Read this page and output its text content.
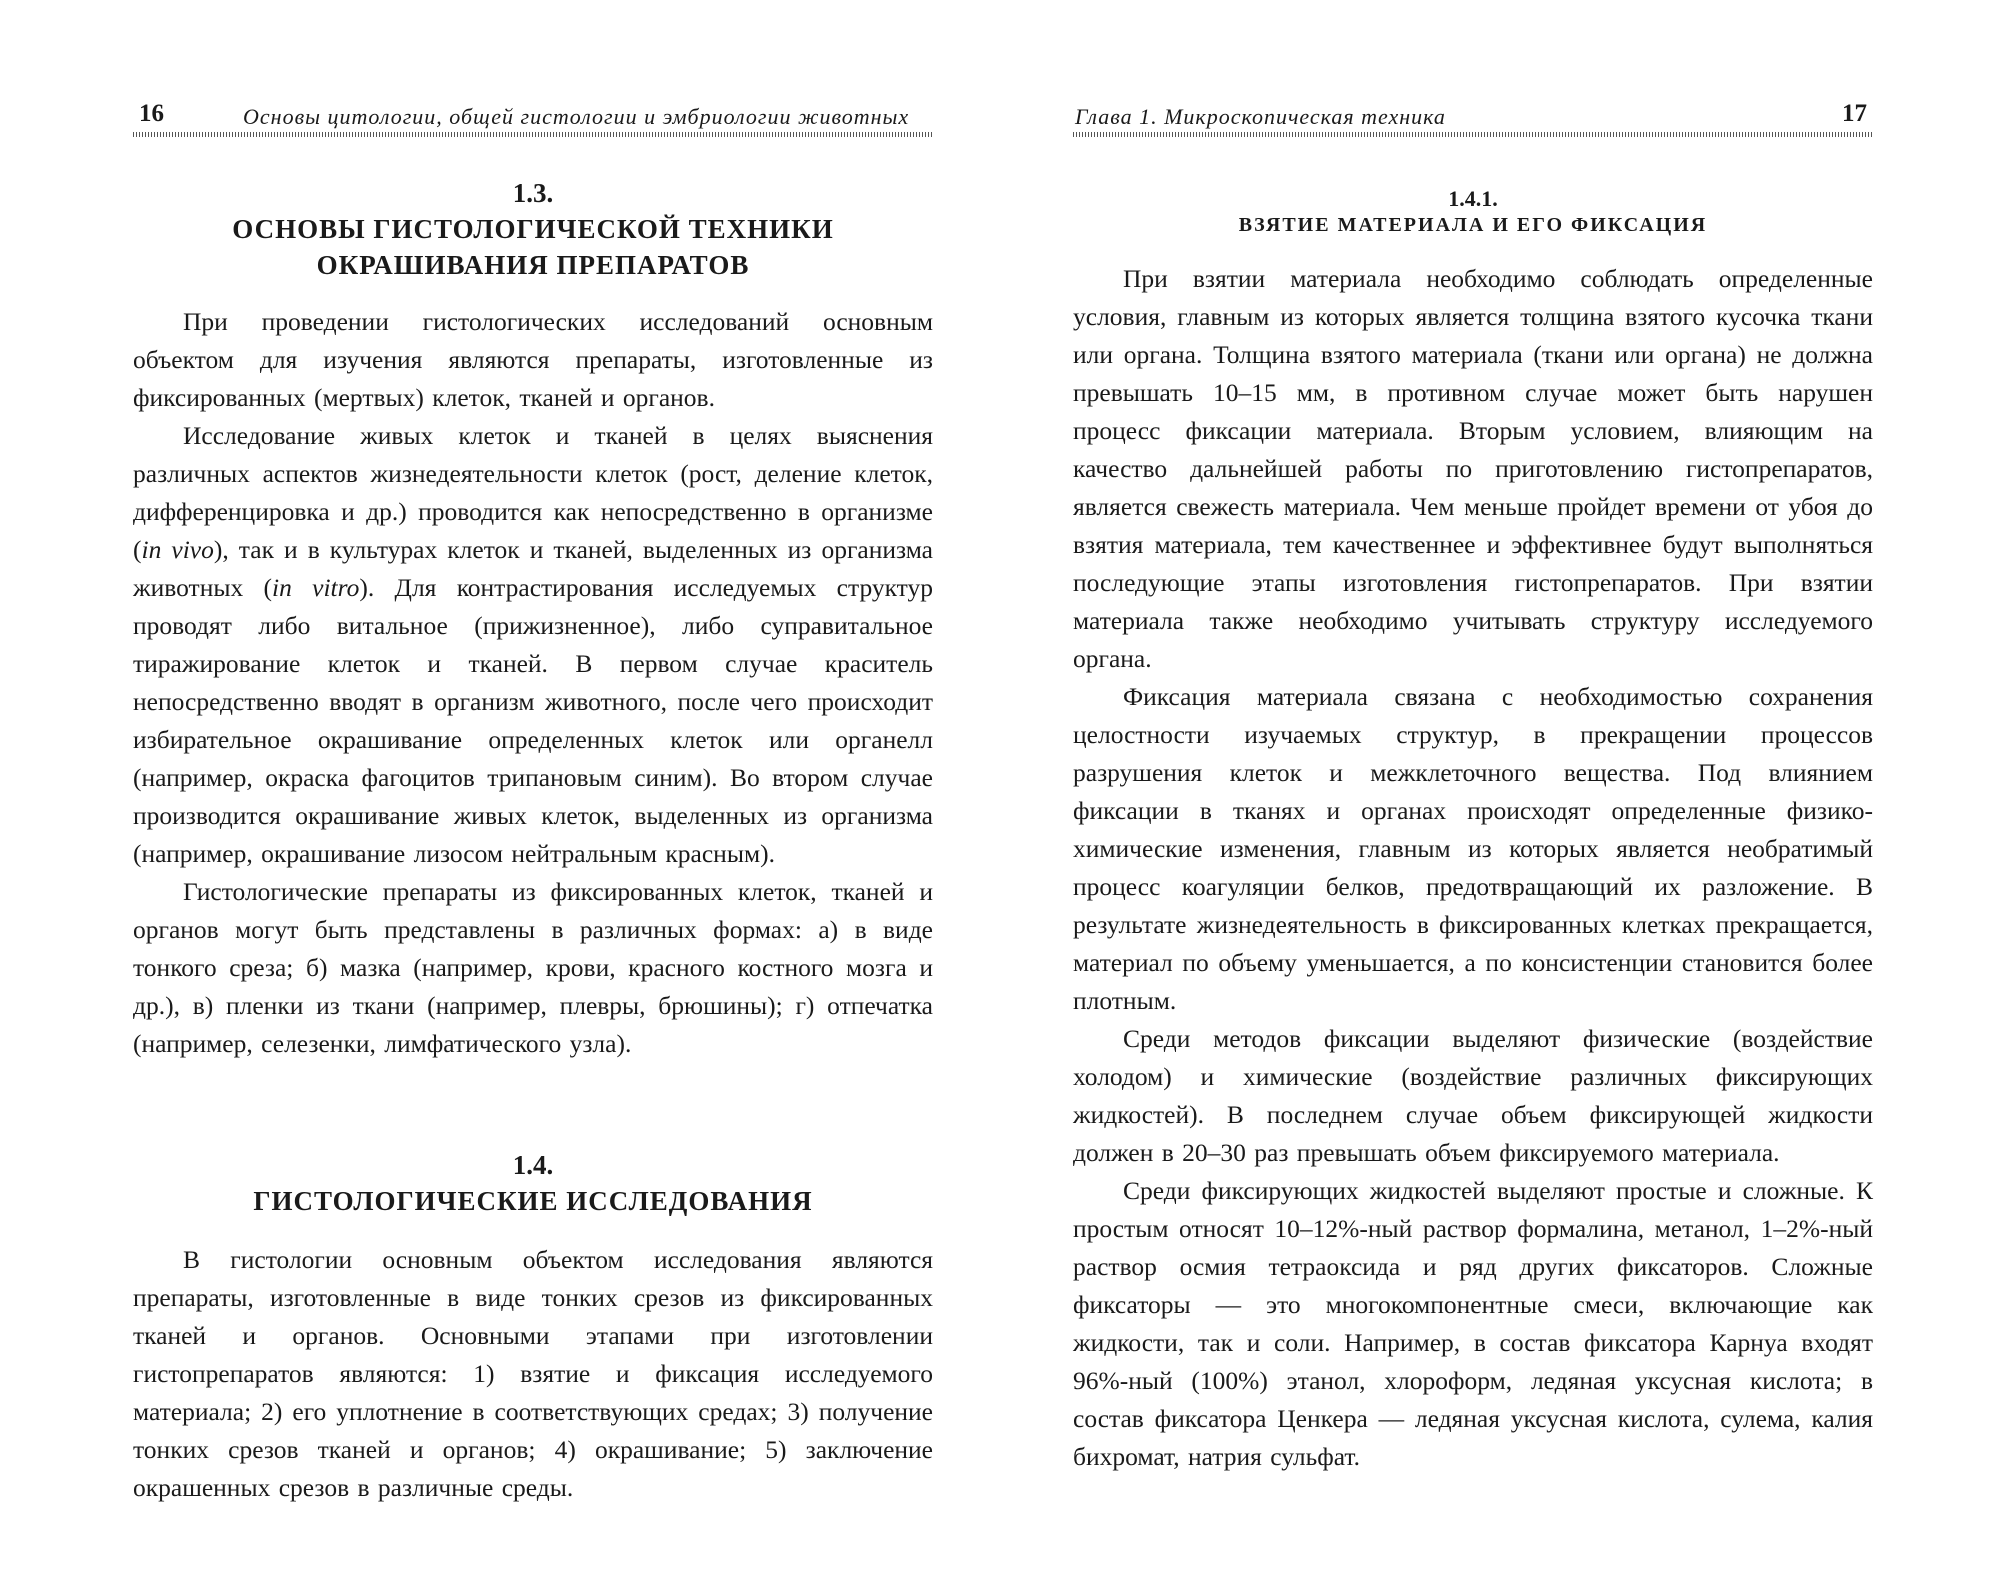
16	Основы цитологии, общей гистологии и эмбриологии животных
1.3.
ОСНОВЫ ГИСТОЛОГИЧЕСКОЙ ТЕХНИКИ
ОКРАШИВАНИЯ ПРЕПАРАТОВ

При проведении гистологических исследований основным объектом для изучения являются препараты, изготовленные из фиксированных (мертвых) клеток, тканей и органов.

Исследование живых клеток и тканей в целях выяснения различных аспектов жизнедеятельности клеток (рост, деление клеток, дифференцировка и др.) проводится как непосредственно в организме (in vivo), так и в культурах клеток и тканей, выделенных из организма животных (in vitro). Для контрастирования исследуемых структур проводят либо витальное (прижизненное), либо суправитальное тиражирование клеток и тканей. В первом случае краситель непосредственно вводят в организм животного, после чего происходит избирательное окрашивание определенных клеток или органелл (например, окраска фагоцитов трипановым синим). Во втором случае производится окрашивание живых клеток, выделенных из организма (например, окрашивание лизосом нейтральным красным).

Гистологические препараты из фиксированных клеток, тканей и органов могут быть представлены в различных формах: а) в виде тонкого среза; б) мазка (например, крови, красного костного мозга и др.), в) пленки из ткани (например, плевры, брюшины); г) отпечатка (например, селезенки, лимфатического узла).

1.4.
ГИСТОЛОГИЧЕСКИЕ ИССЛЕДОВАНИЯ

В гистологии основным объектом исследования являются препараты, изготовленные в виде тонких срезов из фиксированных тканей и органов. Основными этапами при изготовлении гистопрепаратов являются: 1) взятие и фиксация исследуемого материала; 2) его уплотнение в соответствующих средах; 3) получение тонких срезов тканей и органов; 4) окрашивание; 5) заключение окрашенных срезов в различные среды.

Глава 1. Микроскопическая техника	17
1.4.1.
ВЗЯТИЕ МАТЕРИАЛА И ЕГО ФИКСАЦИЯ

При взятии материала необходимо соблюдать определенные условия, главным из которых является толщина взятого кусочка ткани или органа. Толщина взятого материала (ткани или органа) не должна превышать 10–15 мм, в противном случае может быть нарушен процесс фиксации материала. Вторым условием, влияющим на качество дальнейшей работы по приготовлению гистопрепаратов, является свежесть материала. Чем меньше пройдет времени от убоя до взятия материала, тем качественнее и эффективнее будут выполняться последующие этапы изготовления гистопрепаратов. При взятии материала также необходимо учитывать структуру исследуемого органа.

Фиксация материала связана с необходимостью сохранения целостности изучаемых структур, в прекращении процессов разрушения клеток и межклеточного вещества. Под влиянием фиксации в тканях и органах происходят определенные физико-химические изменения, главным из которых является необратимый процесс коагуляции белков, предотвращающий их разложение. В результате жизнедеятельность в фиксированных клетках прекращается, материал по объему уменьшается, а по консистенции становится более плотным.

Среди методов фиксации выделяют физические (воздействие холодом) и химические (воздействие различных фиксирующих жидкостей). В последнем случае объем фиксирующей жидкости должен в 20–30 раз превышать объем фиксируемого материала.

Среди фиксирующих жидкостей выделяют простые и сложные. К простым относят 10–12%-ный раствор формалина, метанол, 1–2%-ный раствор осмия тетраоксида и ряд других фиксаторов. Сложные фиксаторы — это многокомпонентные смеси, включающие как жидкости, так и соли. Например, в состав фиксатора Карнуа входят 96%-ный (100%) этанол, хлороформ, ледяная уксусная кислота; в состав фиксатора Ценкера — ледяная уксусная кислота, сулема, калия бихромат, натрия сульфат.
